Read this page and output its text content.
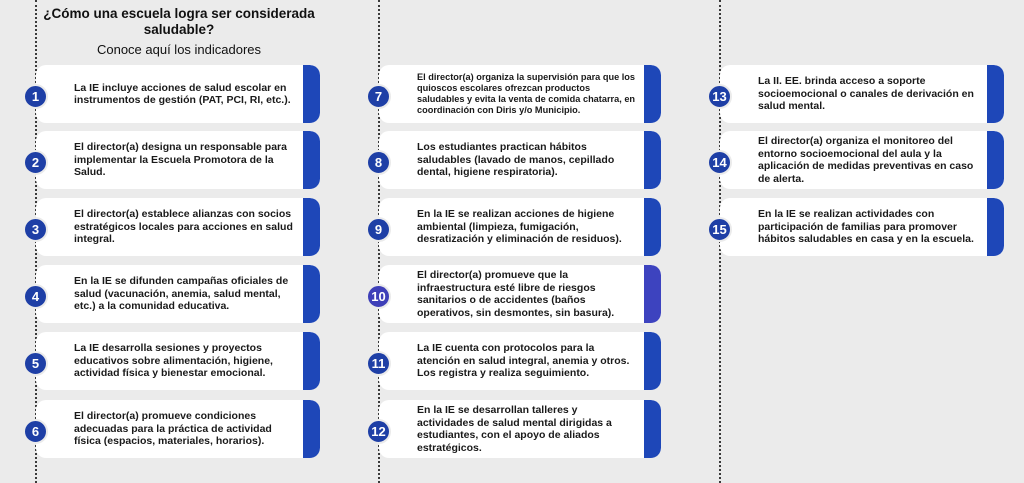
¿Cómo una escuela logra ser considerada saludable?
Conoce aquí los indicadores
La IE incluye acciones de salud escolar en instrumentos de gestión (PAT, PCI, RI, etc.).
1
El director(a) designa un responsable para implementar la Escuela Promotora de la Salud.
2
El director(a) establece alianzas con socios estratégicos locales para acciones en salud integral.
3
En la IE se difunden campañas oficiales de salud (vacunación, anemia, salud mental, etc.) a la comunidad educativa.
4
La IE desarrolla sesiones y proyectos educativos sobre alimentación, higiene, actividad física y bienestar emocional.
5
El director(a) promueve condiciones adecuadas para la práctica de actividad física (espacios, materiales, horarios).
6
El director(a) organiza la supervisión para que los quioscos escolares ofrezcan productos saludables y evita la venta de comida chatarra, en coordinación con Diris y/o Municipio.
7
Los estudiantes practican hábitos saludables (lavado de manos, cepillado dental, higiene respiratoria).
8
En la IE se realizan acciones de higiene ambiental (limpieza, fumigación, desratización y eliminación de residuos).
9
El director(a) promueve que la infraestructura esté libre de riesgos sanitarios o de accidentes (baños operativos, sin desmontes, sin basura).
10
La IE cuenta con protocolos para la atención en salud integral, anemia y otros. Los registra y realiza seguimiento.
11
En la IE se desarrollan talleres y actividades de salud mental dirigidas a estudiantes, con el apoyo de aliados estratégicos.
12
La II. EE. brinda acceso a soporte socioemocional o canales de derivación en salud mental.
13
El director(a) organiza el monitoreo del entorno socioemocional del aula y la aplicación de medidas preventivas en caso de alerta.
14
En la IE se realizan actividades con participación de familias para promover hábitos saludables en casa y en la escuela.
15
